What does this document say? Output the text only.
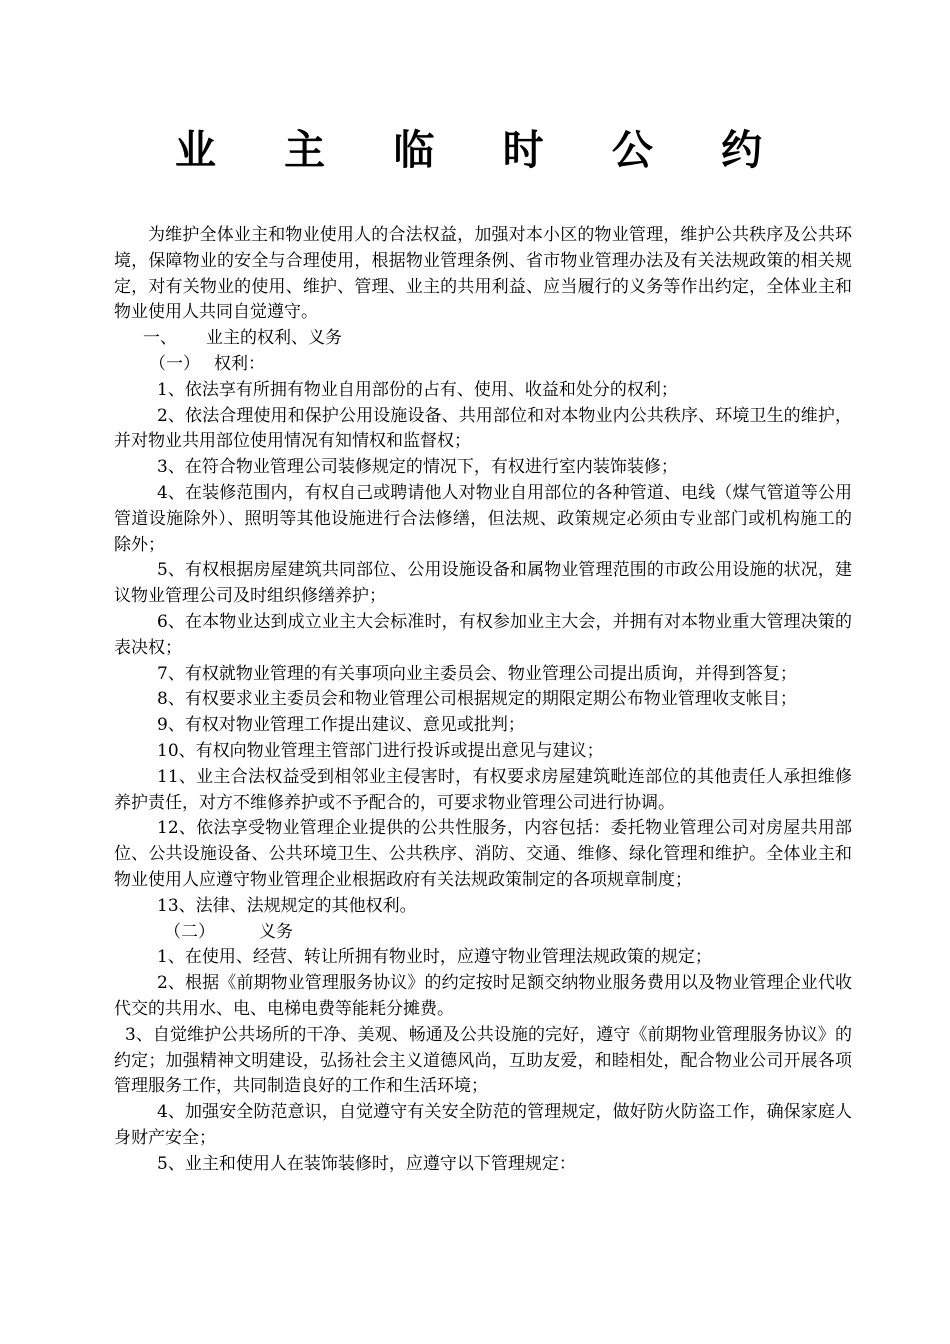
业 主 临 时 公 约

为维护全体业主和物业使用人的合法权益，加强对本小区的物业管理，维护公共秩序及公共环境，保障物业的安全与合理使用，根据物业管理条例、省市物业管理办法及有关法规政策的相关规定，对有关物业的使用、维护、管理、业主的共用利益、应当履行的义务等作出约定，全体业主和物业使用人共同自觉遵守。

一、 业主的权利、义务

（一） 权利：

1、依法享有所拥有物业自用部份的占有、使用、收益和处分的权利；

2、依法合理使用和保护公用设施设备、共用部位和对本物业内公共秩序、环境卫生的维护，并对物业共用部位使用情况有知情权和监督权；

3、在符合物业管理公司装修规定的情况下，有权进行室内装饰装修；

4、在装修范围内，有权自己或聘请他人对物业自用部位的各种管道、电线（煤气管道等公用管道设施除外）、照明等其他设施进行合法修缮，但法规、政策规定必须由专业部门或机构施工的除外；

5、有权根据房屋建筑共同部位、公用设施设备和属物业管理范围的市政公用设施的状况，建议物业管理公司及时组织修缮养护；

6、在本物业达到成立业主大会标准时，有权参加业主大会，并拥有对本物业重大管理决策的表决权；

7、有权就物业管理的有关事项向业主委员会、物业管理公司提出质询，并得到答复；

8、有权要求业主委员会和物业管理公司根据规定的期限定期公布物业管理收支帐目；

9、有权对物业管理工作提出建议、意见或批判；

10、有权向物业管理主管部门进行投诉或提出意见与建议；

11、业主合法权益受到相邻业主侵害时，有权要求房屋建筑毗连部位的其他责任人承担维修养护责任，对方不维修养护或不予配合的，可要求物业管理公司进行协调。

12、依法享受物业管理企业提供的公共性服务，内容包括：委托物业管理公司对房屋共用部位、公共设施设备、公共环境卫生、公共秩序、消防、交通、维修、绿化管理和维护。全体业主和物业使用人应遵守物业管理企业根据政府有关法规政策制定的各项规章制度；

13、法律、法规规定的其他权利。

（二）	义务

1、在使用、经营、转让所拥有物业时，应遵守物业管理法规政策的规定；

2、根据《前期物业管理服务协议》的约定按时足额交纳物业服务费用以及物业管理企业代收代交的共用水、电、电梯电费等能耗分摊费。

3、自觉维护公共场所的干净、美观、畅通及公共设施的完好，遵守《前期物业管理服务协议》的约定；加强精神文明建设，弘扬社会主义道德风尚，互助友爱，和睦相处，配合物业公司开展各项管理服务工作，共同制造良好的工作和生活环境；

4、加强安全防范意识，自觉遵守有关安全防范的管理规定，做好防火防盗工作，确保家庭人身财产安全；

5、业主和使用人在装饰装修时，应遵守以下管理规定：
